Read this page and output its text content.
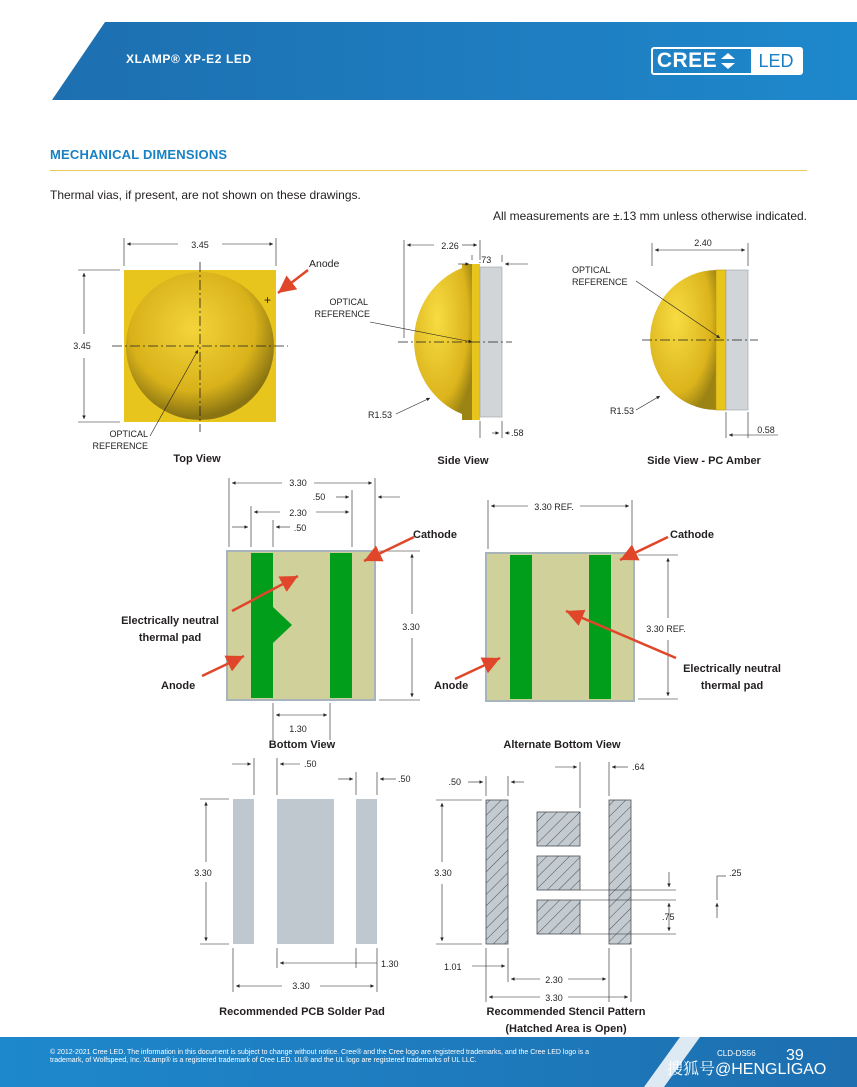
XLAMP® XP-E2 LED	CREE	LED
MECHANICAL DIMENSIONS
Thermal vias, if present, are not shown on these drawings.
All measurements are ±.13 mm unless otherwise indicated.
+
3.45
3.45
Anode
OPTICAL
REFERENCE
Top View
2.26
.73
.58
OPTICAL
REFERENCE
R1.53
Side View
2.40
0.58
OPTICAL
REFERENCE
R1.53
Side View - PC Amber
3.30
.50
2.30
.50
3.30
1.30
Cathode
Electrically neutral
thermal pad
Anode
Bottom View
3.30 REF.
3.30 REF.
Cathode
Electrically neutral
thermal pad
Anode
Alternate Bottom View
.50
.50
3.30
1.30
3.30
Recommended PCB Solder Pad
.50
.64
3.30	.25
.75
1.01
2.30
3.30
Recommended Stencil Pattern
(Hatched Area is Open)
© 2012-2021 Cree LED. The information in this document is subject to change without notice. Cree® and the Cree logo are registered trademarks, and the Cree LED logo is a trademark, of Wolfspeed, Inc. XLamp® is a registered trademark of Cree LED. UL® and the UL logo are registered trademarks of UL LLC.
CLD-DS56 39
搜狐号@HENGLIGAO
